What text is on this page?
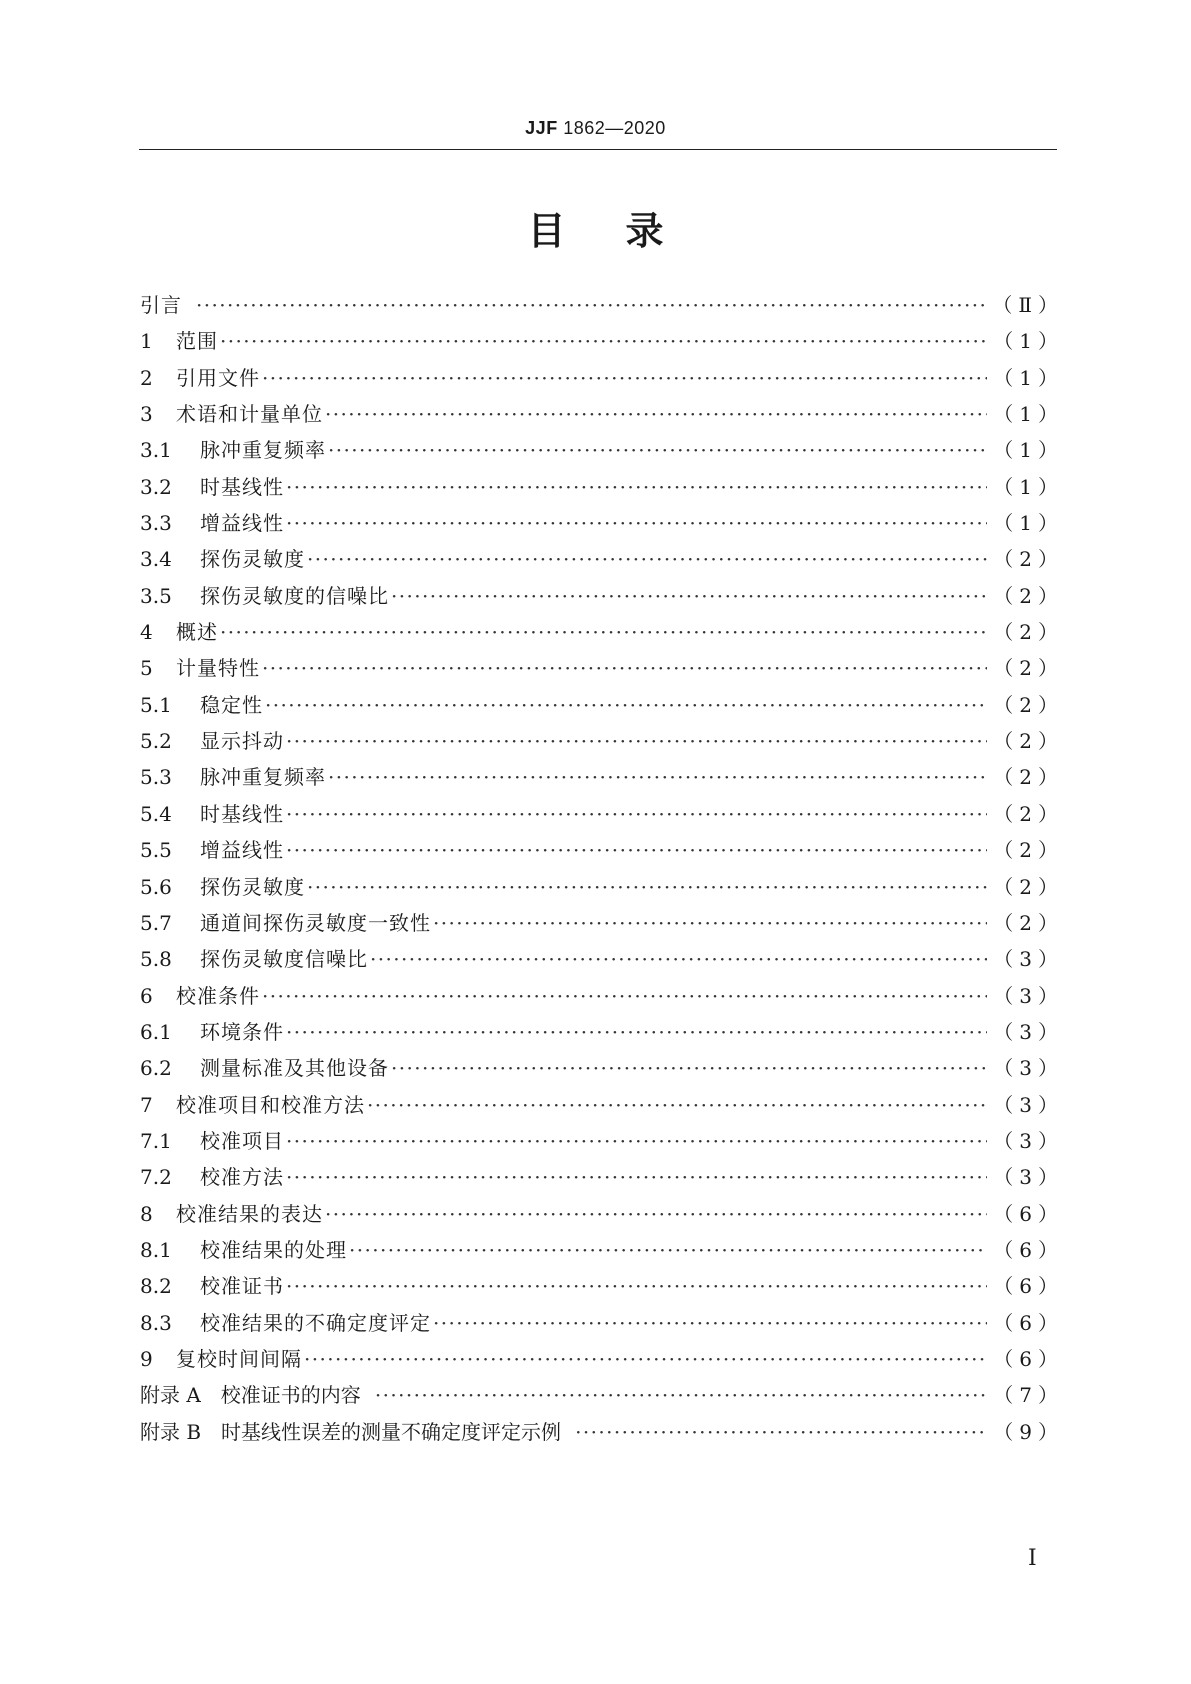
JJF 1862—2020
目录
引言 ·····	（Ⅱ）
1	范围 ·····	（1）
2	引用文件 ·····	（1）
3	术语和计量单位 ·····	（1）
3.1	脉冲重复频率 ·····	（1）
3.2	时基线性 ·····	（1）
3.3	增益线性 ·····	（1）
3.4	探伤灵敏度 ·····	（2）
3.5	探伤灵敏度的信噪比 ·····	（2）
4	概述 ·····	（2）
5	计量特性 ·····	（2）
5.1	稳定性 ·····	（2）
5.2	显示抖动 ·····	（2）
5.3	脉冲重复频率 ·····	（2）
5.4	时基线性 ·····	（2）
5.5	增益线性 ·····	（2）
5.6	探伤灵敏度 ·····	（2）
5.7	通道间探伤灵敏度一致性 ·····	（2）
5.8	探伤灵敏度信噪比 ·····	（3）
6	校准条件 ·····	（3）
6.1	环境条件 ·····	（3）
6.2	测量标准及其他设备 ·····	（3）
7	校准项目和校准方法 ·····	（3）
7.1	校准项目 ·····	（3）
7.2	校准方法 ·····	（3）
8	校准结果的表达 ·····	（6）
8.1	校准结果的处理 ·····	（6）
8.2	校准证书 ·····	（6）
8.3	校准结果的不确定度评定 ·····	（6）
9	复校时间间隔 ·····	（6）
附录 A　校准证书的内容 ·····	（7）
附录 B　时基线性误差的测量不确定度评定示例 ·····	（9）
I
